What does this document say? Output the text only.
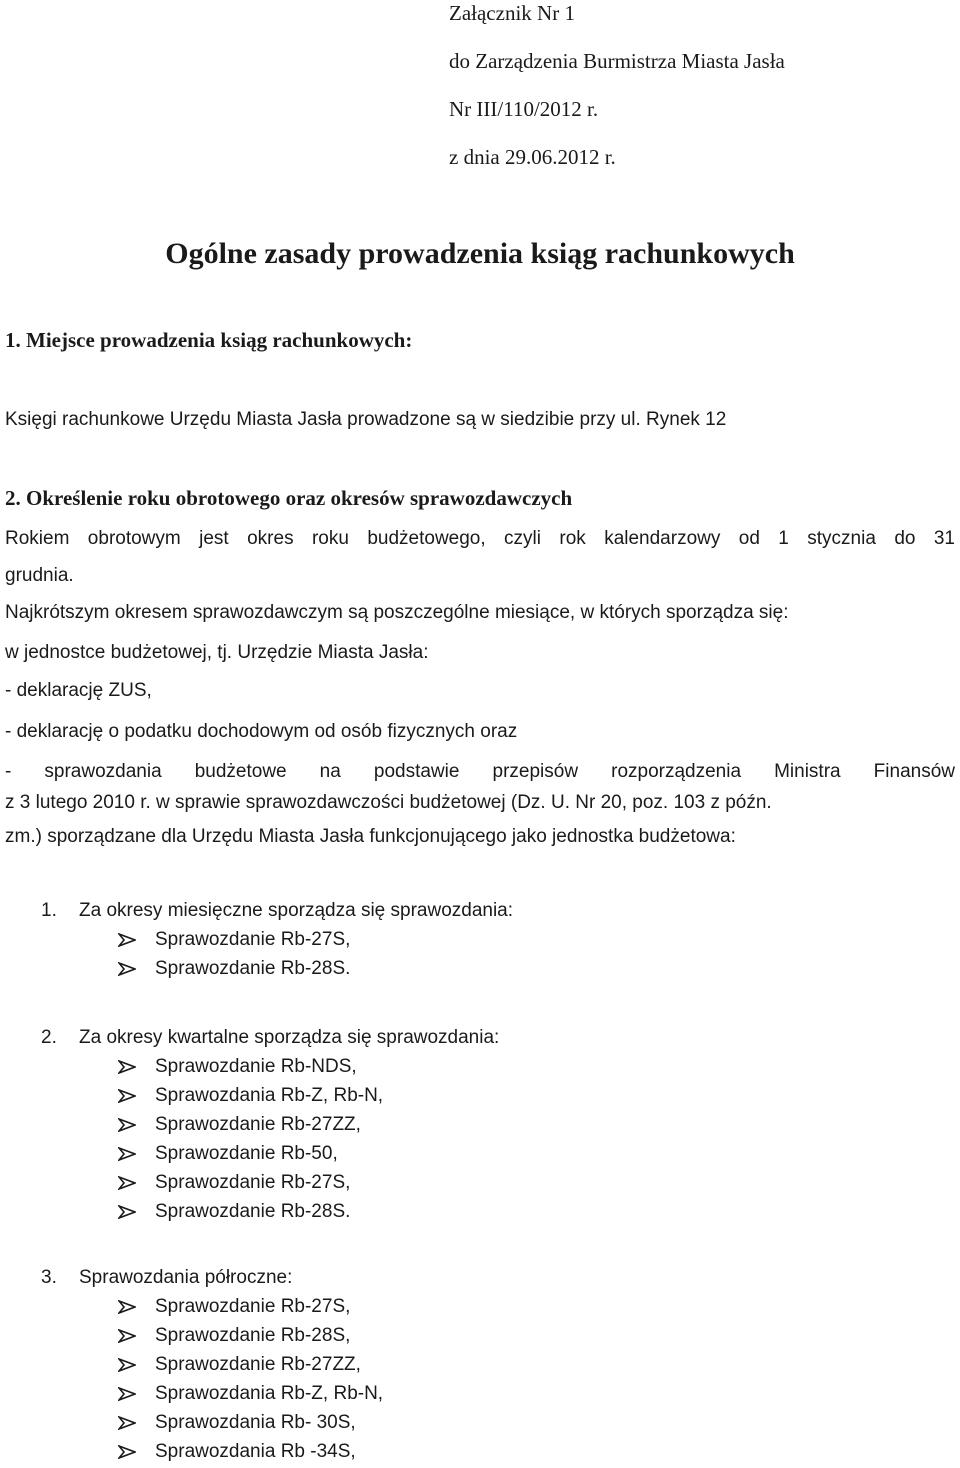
Załącznik Nr 1
do Zarządzenia Burmistrza Miasta Jasła
Nr III/110/2012 r.
z dnia 29.06.2012 r.
Ogólne zasady prowadzenia ksiąg rachunkowych
1. Miejsce prowadzenia ksiąg rachunkowych:
Księgi rachunkowe Urzędu Miasta Jasła prowadzone są w siedzibie przy ul. Rynek 12
2. Określenie roku obrotowego oraz okresów sprawozdawczych
Rokiem obrotowym jest okres roku budżetowego, czyli rok kalendarzowy od 1 stycznia do 31
grudnia.
Najkrótszym okresem sprawozdawczym są poszczególne miesiące, w których sporządza się:
w jednostce budżetowej, tj. Urzędzie Miasta Jasła:
- deklarację ZUS,
- deklarację o podatku dochodowym od osób fizycznych oraz
- sprawozdania budżetowe na podstawie przepisów rozporządzenia Ministra Finansów
z 3 lutego 2010 r. w sprawie sprawozdawczości budżetowej (Dz. U. Nr 20, poz. 103 z późn.
zm.) sporządzane dla Urzędu Miasta Jasła funkcjonującego jako jednostka budżetowa:
1. Za okresy miesięczne sporządza się sprawozdania:
Sprawozdanie Rb-27S,
Sprawozdanie Rb-28S.
2. Za okresy kwartalne sporządza się sprawozdania:
Sprawozdanie Rb-NDS,
Sprawozdania Rb-Z, Rb-N,
Sprawozdanie Rb-27ZZ,
Sprawozdanie Rb-50,
Sprawozdanie Rb-27S,
Sprawozdanie Rb-28S.
3. Sprawozdania półroczne:
Sprawozdanie Rb-27S,
Sprawozdanie Rb-28S,
Sprawozdanie Rb-27ZZ,
Sprawozdania Rb-Z, Rb-N,
Sprawozdania Rb- 30S,
Sprawozdania Rb -34S,
